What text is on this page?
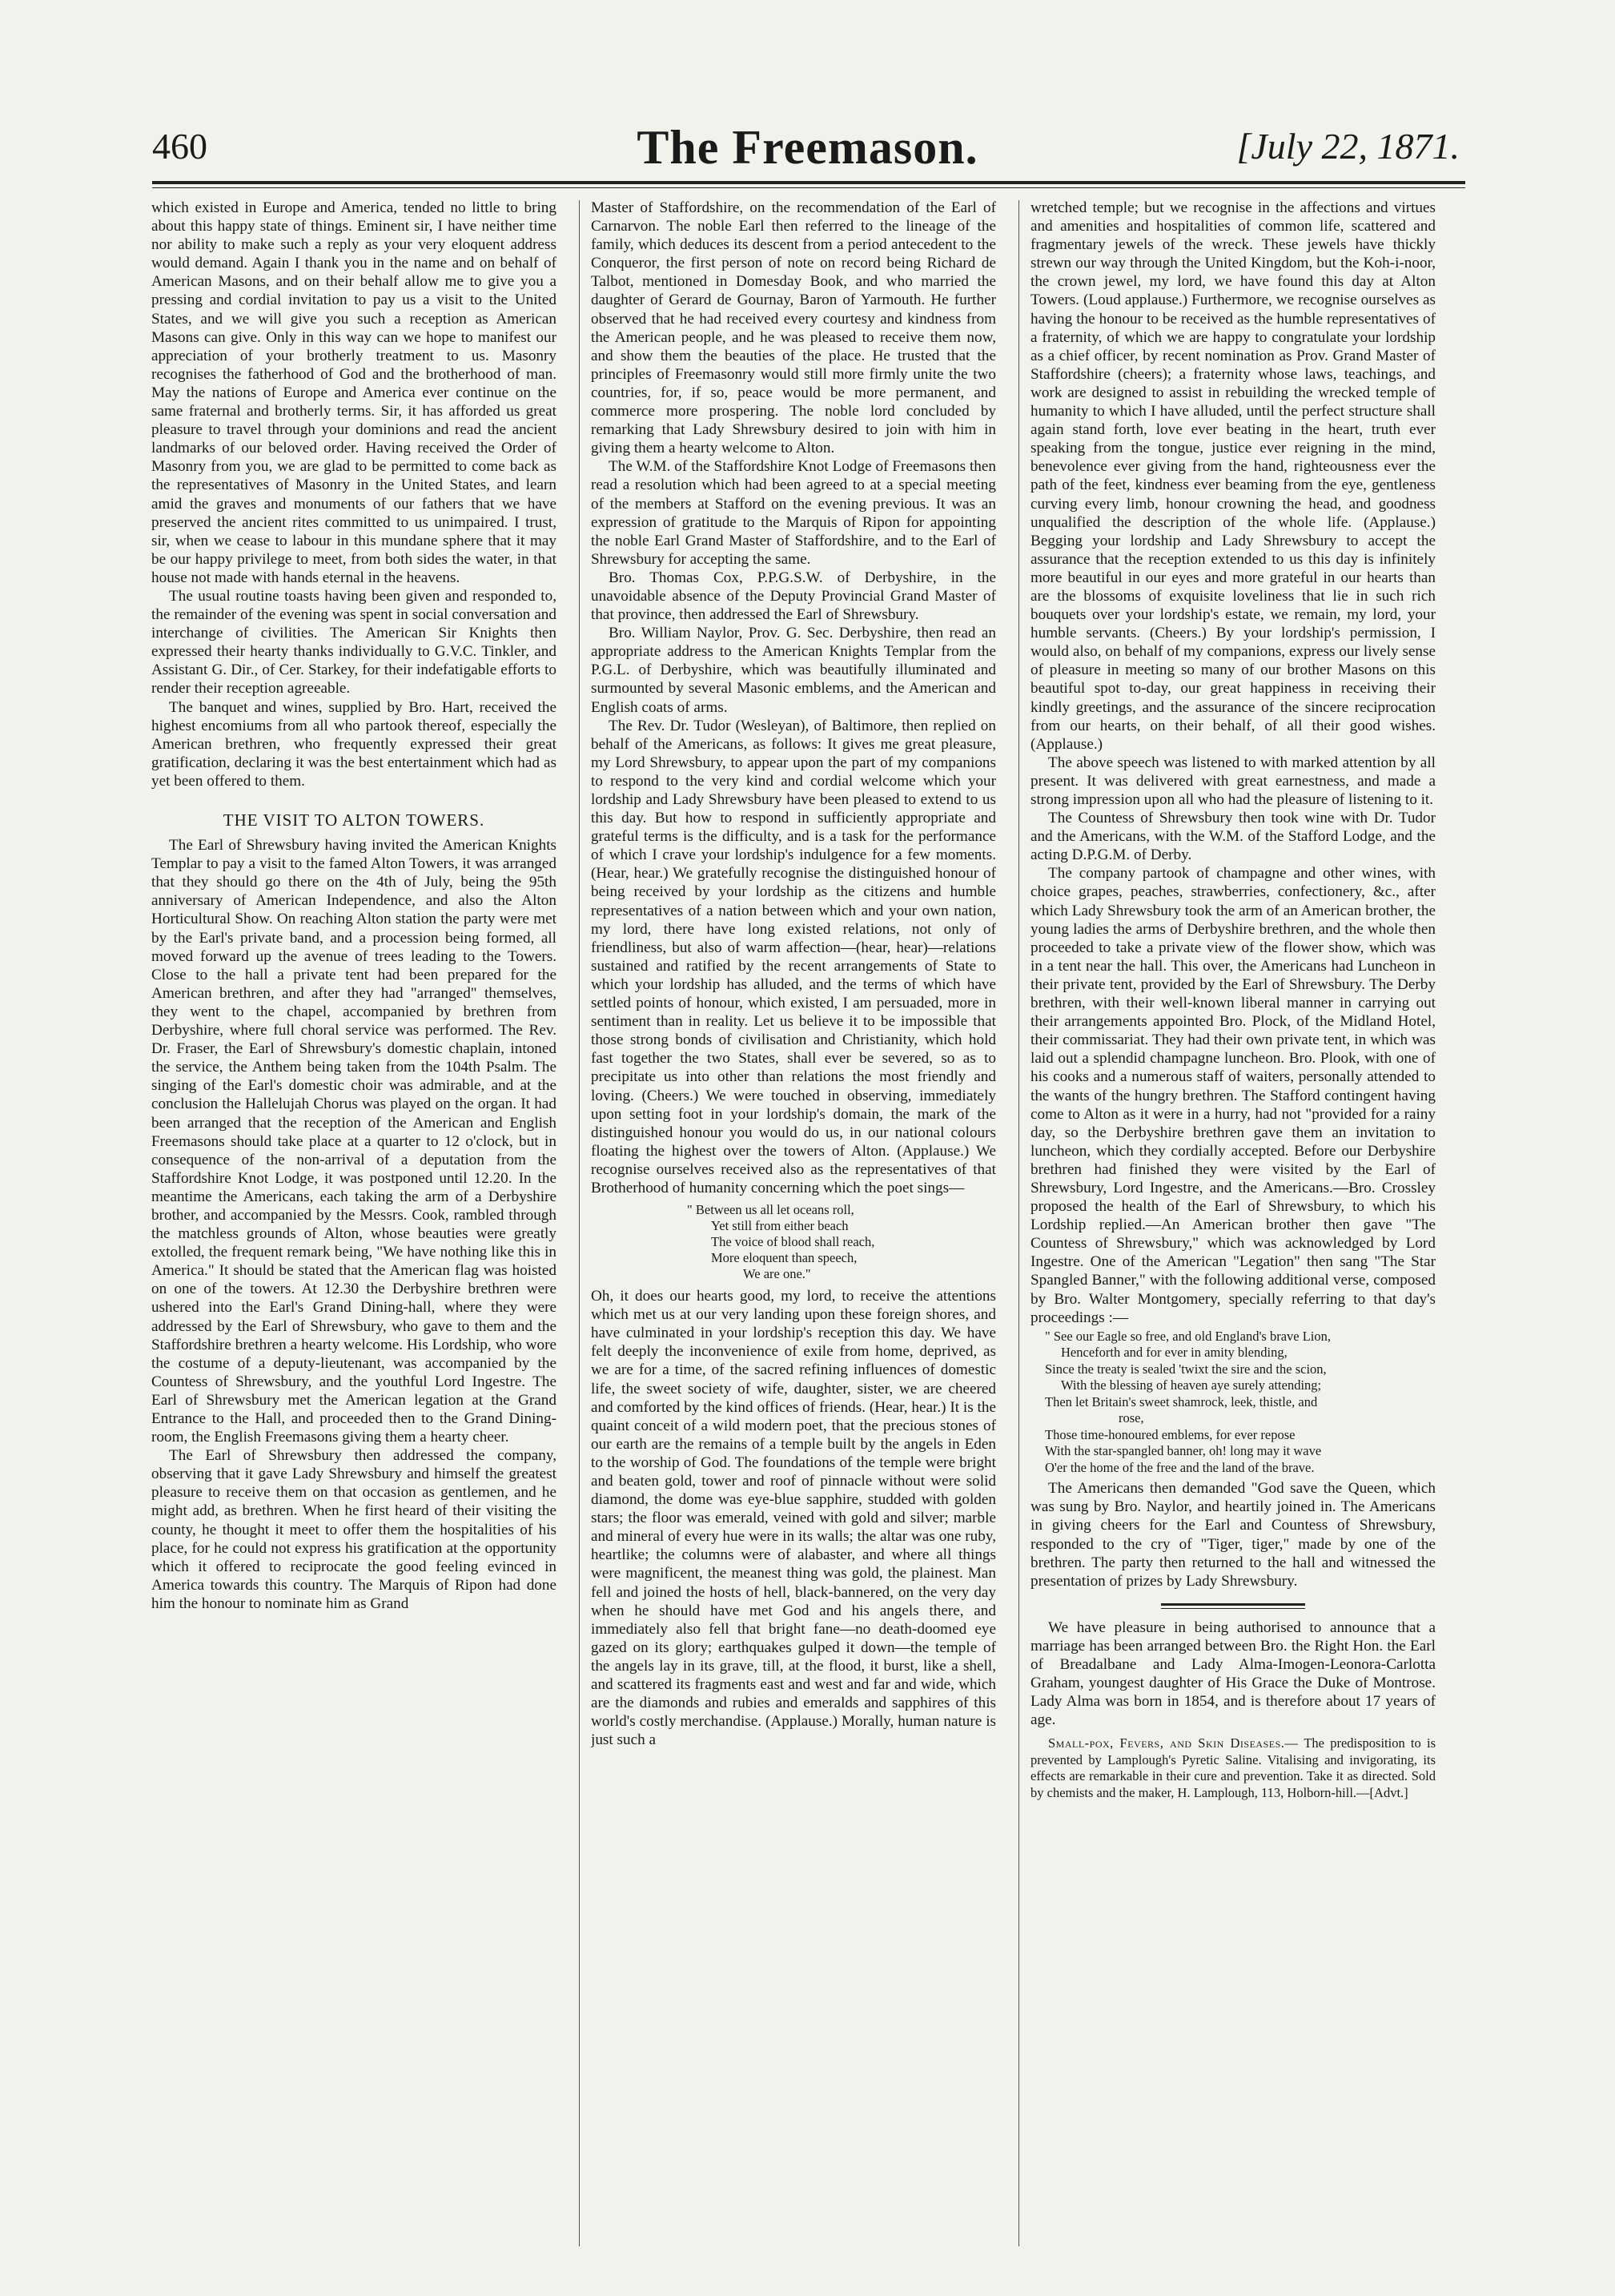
460	The Freemason.	[July 22, 1871.

which existed in Europe and America, tended no little to bring about this happy state of things. Eminent sir, I have neither time nor ability to make such a reply as your very eloquent address would demand. Again I thank you in the name and on behalf of American Masons, and on their behalf allow me to give you a pressing and cordial invitation to pay us a visit to the United States, and we will give you such a reception as American Masons can give. Only in this way can we hope to manifest our appreciation of your brotherly treatment to us. Masonry recognises the fatherhood of God and the brotherhood of man. May the nations of Europe and America ever continue on the same fraternal and brotherly terms. Sir, it has afforded us great pleasure to travel through your dominions and read the ancient landmarks of our beloved order. Having received the Order of Masonry from you, we are glad to be permitted to come back as the representatives of Masonry in the United States, and learn amid the graves and monuments of our fathers that we have preserved the ancient rites committed to us unimpaired. I trust, sir, when we cease to labour in this mundane sphere that it may be our happy privilege to meet, from both sides the water, in that house not made with hands eternal in the heavens.

The usual routine toasts having been given and responded to, the remainder of the evening was spent in social conversation and interchange of civilities. The American Sir Knights then expressed their hearty thanks individually to G.V.C. Tinkler, and Assistant G. Dir., of Cer. Starkey, for their indefatigable efforts to render their reception agreeable.

The banquet and wines, supplied by Bro. Hart, received the highest encomiums from all who partook thereof, especially the American brethren, who frequently expressed their great gratification, declaring it was the best entertainment which had as yet been offered to them.

THE VISIT TO ALTON TOWERS.

The Earl of Shrewsbury having invited the American Knights Templar to pay a visit to the famed Alton Towers, it was arranged that they should go there on the 4th of July, being the 95th anniversary of American Independence, and also the Alton Horticultural Show. On reaching Alton station the party were met by the Earl's private band, and a procession being formed, all moved forward up the avenue of trees leading to the Towers. Close to the hall a private tent had been prepared for the American brethren, and after they had "arranged" themselves, they went to the chapel, accompanied by brethren from Derbyshire, where full choral service was performed. The Rev. Dr. Fraser, the Earl of Shrewsbury's domestic chaplain, intoned the service, the Anthem being taken from the 104th Psalm. The singing of the Earl's domestic choir was admirable, and at the conclusion the Hallelujah Chorus was played on the organ. It had been arranged that the reception of the American and English Freemasons should take place at a quarter to 12 o'clock, but in consequence of the non-arrival of a deputation from the Staffordshire Knot Lodge, it was postponed until 12.20. In the meantime the Americans, each taking the arm of a Derbyshire brother, and accompanied by the Messrs. Cook, rambled through the matchless grounds of Alton, whose beauties were greatly extolled, the frequent remark being, "We have nothing like this in America." It should be stated that the American flag was hoisted on one of the towers. At 12.30 the Derbyshire brethren were ushered into the Earl's Grand Dining-hall, where they were addressed by the Earl of Shrewsbury, who gave to them and the Staffordshire brethren a hearty welcome. His Lordship, who wore the costume of a deputy-lieutenant, was accompanied by the Countess of Shrewsbury, and the youthful Lord Ingestre. The Earl of Shrewsbury met the American legation at the Grand Entrance to the Hall, and proceeded then to the Grand Dining-room, the English Freemasons giving them a hearty cheer.

The Earl of Shrewsbury then addressed the company, observing that it gave Lady Shrewsbury and himself the greatest pleasure to receive them on that occasion as gentlemen, and he might add, as brethren. When he first heard of their visiting the county, he thought it meet to offer them the hospitalities of his place, for he could not express his gratification at the opportunity which it offered to reciprocate the good feeling evinced in America towards this country. The Marquis of Ripon had done him the honour to nominate him as Grand

Master of Staffordshire, on the recommendation of the Earl of Carnarvon. The noble Earl then referred to the lineage of the family, which deduces its descent from a period antecedent to the Conqueror, the first person of note on record being Richard de Talbot, mentioned in Domesday Book, and who married the daughter of Gerard de Gournay, Baron of Yarmouth. He further observed that he had received every courtesy and kindness from the American people, and he was pleased to receive them now, and show them the beauties of the place. He trusted that the principles of Freemasonry would still more firmly unite the two countries, for, if so, peace would be more permanent, and commerce more prospering. The noble lord concluded by remarking that Lady Shrewsbury desired to join with him in giving them a hearty welcome to Alton.

The W.M. of the Staffordshire Knot Lodge of Freemasons then read a resolution which had been agreed to at a special meeting of the members at Stafford on the evening previous. It was an expression of gratitude to the Marquis of Ripon for appointing the noble Earl Grand Master of Staffordshire, and to the Earl of Shrewsbury for accepting the same.

Bro. Thomas Cox, P.P.G.S.W. of Derbyshire, in the unavoidable absence of the Deputy Provincial Grand Master of that province, then addressed the Earl of Shrewsbury.

Bro. William Naylor, Prov. G. Sec. Derbyshire, then read an appropriate address to the American Knights Templar from the P.G.L. of Derbyshire, which was beautifully illuminated and surmounted by several Masonic emblems, and the American and English coats of arms.

The Rev. Dr. Tudor (Wesleyan), of Baltimore, then replied on behalf of the Americans, as follows: It gives me great pleasure, my Lord Shrewsbury, to appear upon the part of my companions to respond to the very kind and cordial welcome which your lordship and Lady Shrewsbury have been pleased to extend to us this day. But how to respond in sufficiently appropriate and grateful terms is the difficulty, and is a task for the performance of which I crave your lordship's indulgence for a few moments. (Hear, hear.) We gratefully recognise the distinguished honour of being received by your lordship as the citizens and humble representatives of a nation between which and your own nation, my lord, there have long existed relations, not only of friendliness, but also of warm affection—(hear, hear)—relations sustained and ratified by the recent arrangements of State to which your lordship has alluded, and the terms of which have settled points of honour, which existed, I am persuaded, more in sentiment than in reality. Let us believe it to be impossible that those strong bonds of civilisation and Christianity, which hold fast together the two States, shall ever be severed, so as to precipitate us into other than relations the most friendly and loving. (Cheers.) We were touched in observing, immediately upon setting foot in your lordship's domain, the mark of the distinguished honour you would do us, in our national colours floating the highest over the towers of Alton. (Applause.) We recognise ourselves received also as the representatives of that Brotherhood of humanity concerning which the poet sings—

" Between us all let oceans roll,
Yet still from either beach
The voice of blood shall reach,
More eloquent than speech,
We are one."

Oh, it does our hearts good, my lord, to receive the attentions which met us at our very landing upon these foreign shores, and have culminated in your lordship's reception this day. We have felt deeply the inconvenience of exile from home, deprived, as we are for a time, of the sacred refining influences of domestic life, the sweet society of wife, daughter, sister, we are cheered and comforted by the kind offices of friends. (Hear, hear.) It is the quaint conceit of a wild modern poet, that the precious stones of our earth are the remains of a temple built by the angels in Eden to the worship of God. The foundations of the temple were bright and beaten gold, tower and roof of pinnacle without were solid diamond, the dome was eye-blue sapphire, studded with golden stars; the floor was emerald, veined with gold and silver; marble and mineral of every hue were in its walls; the altar was one ruby, heartlike; the columns were of alabaster, and where all things were magnificent, the meanest thing was gold, the plainest. Man fell and joined the hosts of hell, black-bannered, on the very day when he should have met God and his angels there, and immediately also fell that bright fane—no death-doomed eye gazed on its glory; earthquakes gulped it down—the temple of the angels lay in its grave, till, at the flood, it burst, like a shell, and scattered its fragments east and west and far and wide, which are the diamonds and rubies and emeralds and sapphires of this world's costly merchandise. (Applause.) Morally, human nature is just such a

wretched temple; but we recognise in the affections and virtues and amenities and hospitalities of common life, scattered and fragmentary jewels of the wreck. These jewels have thickly strewn our way through the United Kingdom, but the Koh-i-noor, the crown jewel, my lord, we have found this day at Alton Towers. (Loud applause.) Furthermore, we recognise ourselves as having the honour to be received as the humble representatives of a fraternity, of which we are happy to congratulate your lordship as a chief officer, by recent nomination as Prov. Grand Master of Staffordshire (cheers); a fraternity whose laws, teachings, and work are designed to assist in rebuilding the wrecked temple of humanity to which I have alluded, until the perfect structure shall again stand forth, love ever beating in the heart, truth ever speaking from the tongue, justice ever reigning in the mind, benevolence ever giving from the hand, righteousness ever the path of the feet, kindness ever beaming from the eye, gentleness curving every limb, honour crowning the head, and goodness unqualified the description of the whole life. (Applause.) Begging your lordship and Lady Shrewsbury to accept the assurance that the reception extended to us this day is infinitely more beautiful in our eyes and more grateful in our hearts than are the blossoms of exquisite loveliness that lie in such rich bouquets over your lordship's estate, we remain, my lord, your humble servants. (Cheers.) By your lordship's permission, I would also, on behalf of my companions, express our lively sense of pleasure in meeting so many of our brother Masons on this beautiful spot to-day, our great happiness in receiving their kindly greetings, and the assurance of the sincere reciprocation from our hearts, on their behalf, of all their good wishes. (Applause.)

The above speech was listened to with marked attention by all present. It was delivered with great earnestness, and made a strong impression upon all who had the pleasure of listening to it.

The Countess of Shrewsbury then took wine with Dr. Tudor and the Americans, with the W.M. of the Stafford Lodge, and the acting D.P.G.M. of Derby.

The company partook of champagne and other wines, with choice grapes, peaches, strawberries, confectionery, &c., after which Lady Shrewsbury took the arm of an American brother, the young ladies the arms of Derbyshire brethren, and the whole then proceeded to take a private view of the flower show, which was in a tent near the hall. This over, the Americans had Luncheon in their private tent, provided by the Earl of Shrewsbury. The Derby brethren, with their well-known liberal manner in carrying out their arrangements appointed Bro. Plock, of the Midland Hotel, their commissariat. They had their own private tent, in which was laid out a splendid champagne luncheon. Bro. Plook, with one of his cooks and a numerous staff of waiters, personally attended to the wants of the hungry brethren. The Stafford contingent having come to Alton as it were in a hurry, had not "provided for a rainy day, so the Derbyshire brethren gave them an invitation to luncheon, which they cordially accepted. Before our Derbyshire brethren had finished they were visited by the Earl of Shrewsbury, Lord Ingestre, and the Americans.—Bro. Crossley proposed the health of the Earl of Shrewsbury, to which his Lordship replied.—An American brother then gave "The Countess of Shrewsbury," which was acknowledged by Lord Ingestre. One of the American "Legation" then sang "The Star Spangled Banner," with the following additional verse, composed by Bro. Walter Montgomery, specially referring to that day's proceedings :—

" See our Eagle so free, and old England's brave Lion,
Henceforth and for ever in amity blending,
Since the treaty is sealed 'twixt the sire and the scion,
With the blessing of heaven aye surely attending;
Then let Britain's sweet shamrock, leek, thistle, and
rose,
Those time-honoured emblems, for ever repose
With the star-spangled banner, oh! long may it wave
O'er the home of the free and the land of the brave.

The Americans then demanded "God save the Queen, which was sung by Bro. Naylor, and heartily joined in. The Americans in giving cheers for the Earl and Countess of Shrewsbury, responded to the cry of "Tiger, tiger," made by one of the brethren. The party then returned to the hall and witnessed the presentation of prizes by Lady Shrewsbury.

We have pleasure in being authorised to announce that a marriage has been arranged between Bro. the Right Hon. the Earl of Breadalbane and Lady Alma-Imogen-Leonora-Carlotta Graham, youngest daughter of His Grace the Duke of Montrose. Lady Alma was born in 1854, and is therefore about 17 years of age.

Small-pox, Fevers, and Skin Diseases.— The predisposition to is prevented by Lamplough's Pyretic Saline. Vitalising and invigorating, its effects are remarkable in their cure and prevention. Take it as directed. Sold by chemists and the maker, H. Lamplough, 113, Holborn-hill.—[Advt.]
